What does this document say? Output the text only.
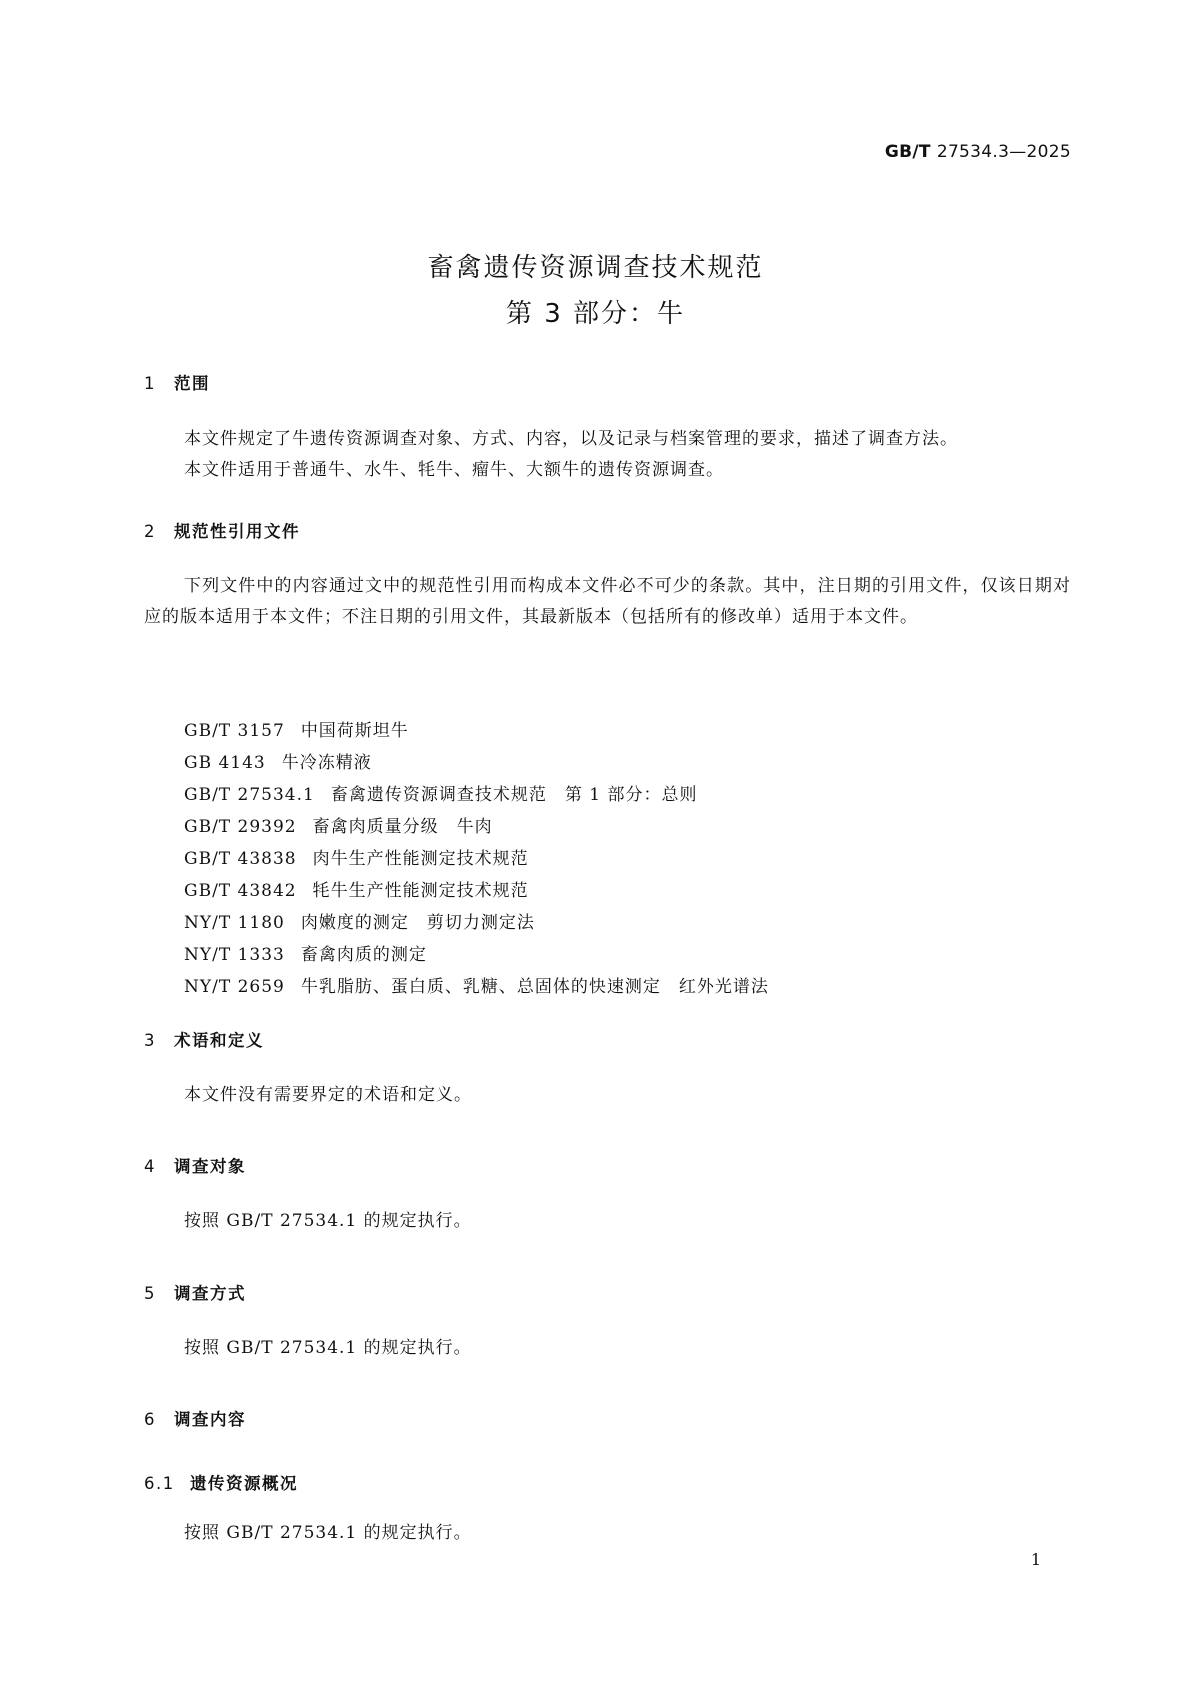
GB/T 27534.3—2025
畜禽遗传资源调查技术规范
第 3 部分：牛
1 范围
本文件规定了牛遗传资源调查对象、方式、内容，以及记录与档案管理的要求，描述了调查方法。
本文件适用于普通牛、水牛、牦牛、瘤牛、大额牛的遗传资源调查。
2 规范性引用文件
下列文件中的内容通过文中的规范性引用而构成本文件必不可少的条款。其中，注日期的引用文件，仅该日期对应的版本适用于本文件；不注日期的引用文件，其最新版本（包括所有的修改单）适用于本文件。
GB/T 3157 中国荷斯坦牛
GB 4143 牛冷冻精液
GB/T 27534.1 畜禽遗传资源调查技术规范　第 1 部分：总则
GB/T 29392 畜禽肉质量分级　牛肉
GB/T 43838 肉牛生产性能测定技术规范
GB/T 43842 牦牛生产性能测定技术规范
NY/T 1180 肉嫩度的测定　剪切力测定法
NY/T 1333 畜禽肉质的测定
NY/T 2659 牛乳脂肪、蛋白质、乳糖、总固体的快速测定　红外光谱法
3 术语和定义
本文件没有需要界定的术语和定义。
4 调查对象
按照 GB/T 27534.1 的规定执行。
5 调查方式
按照 GB/T 27534.1 的规定执行。
6 调查内容
6.1 遗传资源概况
按照 GB/T 27534.1 的规定执行。
1
